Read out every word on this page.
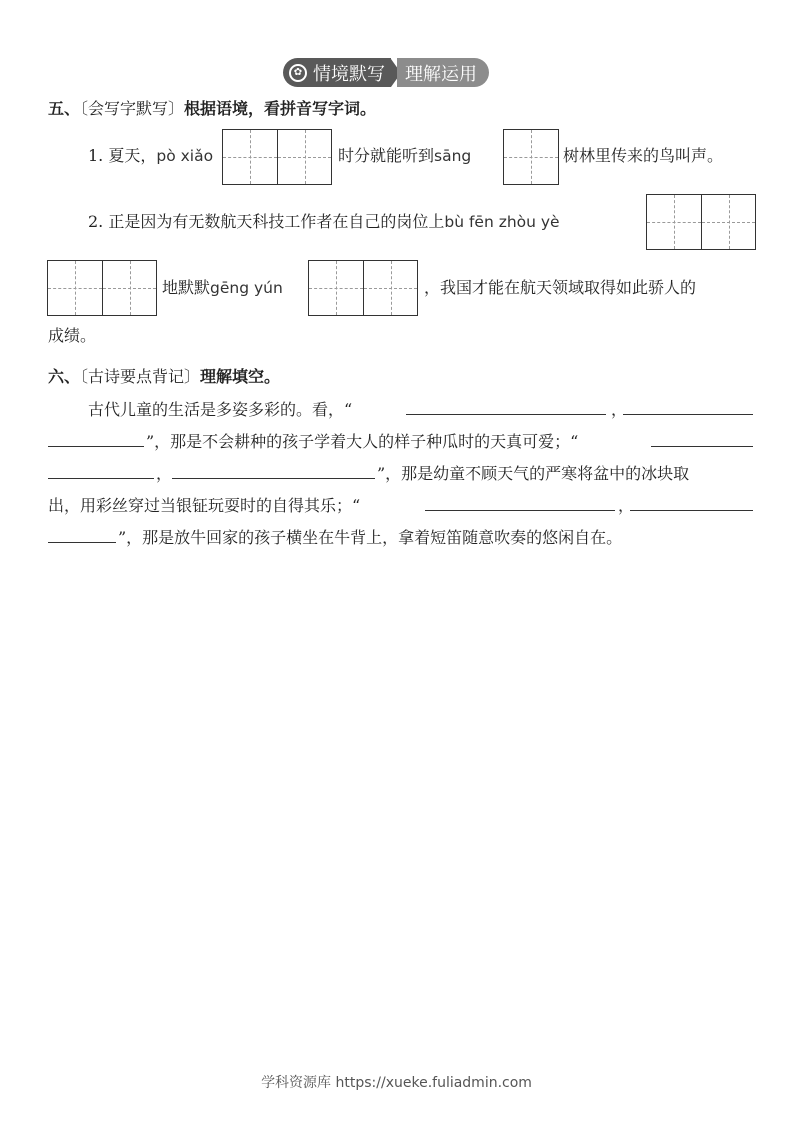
✿ 情境默写 理解运用
五、〔会写字默写〕根据语境，看拼音写字词。
1. 夏天，pò xiǎo	时分就能听到sāng	树林里传来的鸟叫声。
2. 正是因为有无数航天科技工作者在自己的岗位上bù fēn zhòu yè
地默默gēng yún	，我国才能在航天领域取得如此骄人的
成绩。
六、〔古诗要点背记〕理解填空。
古代儿童的生活是多姿多彩的。看，“	，
”，那是不会耕种的孩子学着大人的样子种瓜时的天真可爱；“
，	”，那是幼童不顾天气的严寒将盆中的冰块取
出，用彩丝穿过当银钲玩耍时的自得其乐；“	，
”，那是放牛回家的孩子横坐在牛背上，拿着短笛随意吹奏的悠闲自在。
学科资源库 https://xueke.fuliadmin.com
